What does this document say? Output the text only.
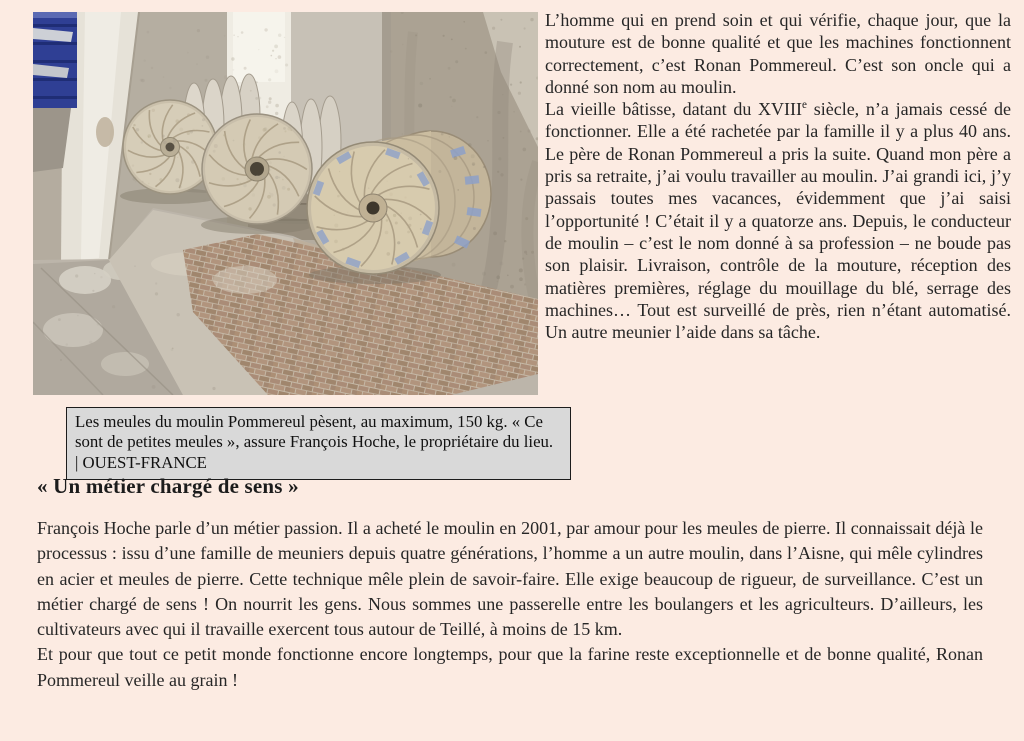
Les meules du moulin Pommereul pèsent, au maximum, 150 kg. « Ce sont de petites meules », assure François Hoche, le propriétaire du lieu.
| OUEST-FRANCE

L’homme qui en prend soin et qui vérifie, chaque jour, que la mouture est de bonne qualité et que les machines fonctionnent correctement, c’est Ronan Pommereul. C’est son oncle qui a donné son nom au moulin.

La vieille bâtisse, datant du XVIIIe siècle, n’a jamais cessé de fonctionner. Elle a été rachetée par la famille il y a plus 40 ans. Le père de Ronan Pommereul a pris la suite. Quand mon père a pris sa retraite, j’ai voulu travailler au moulin. J’ai grandi ici, j’y passais toutes mes vacances, évidemment que j’ai saisi l’opportunité ! C’était il y a quatorze ans. Depuis, le conducteur de moulin – c’est le nom donné à sa profession – ne boude pas son plaisir. Livraison, contrôle de la mouture, réception des matières premières, réglage du mouillage du blé, serrage des machines… Tout est surveillé de près, rien n’étant automatisé. Un autre meunier l’aide dans sa tâche.

« Un métier chargé de sens »

François Hoche parle d’un métier passion. Il a acheté le moulin en 2001, par amour pour les meules de pierre. Il connaissait déjà le processus : issu d’une famille de meuniers depuis quatre générations, l’homme a un autre moulin, dans l’Aisne, qui mêle cylindres en acier et meules de pierre. Cette technique mêle plein de savoir-faire. Elle exige beaucoup de rigueur, de surveillance. C’est un métier chargé de sens ! On nourrit les gens. Nous sommes une passerelle entre les boulangers et les agriculteurs. D’ailleurs, les cultivateurs avec qui il travaille exercent tous autour de Teillé, à moins de 15 km.

Et pour que tout ce petit monde fonctionne encore longtemps, pour que la farine reste exceptionnelle et de bonne qualité, Ronan Pommereul veille au grain !
